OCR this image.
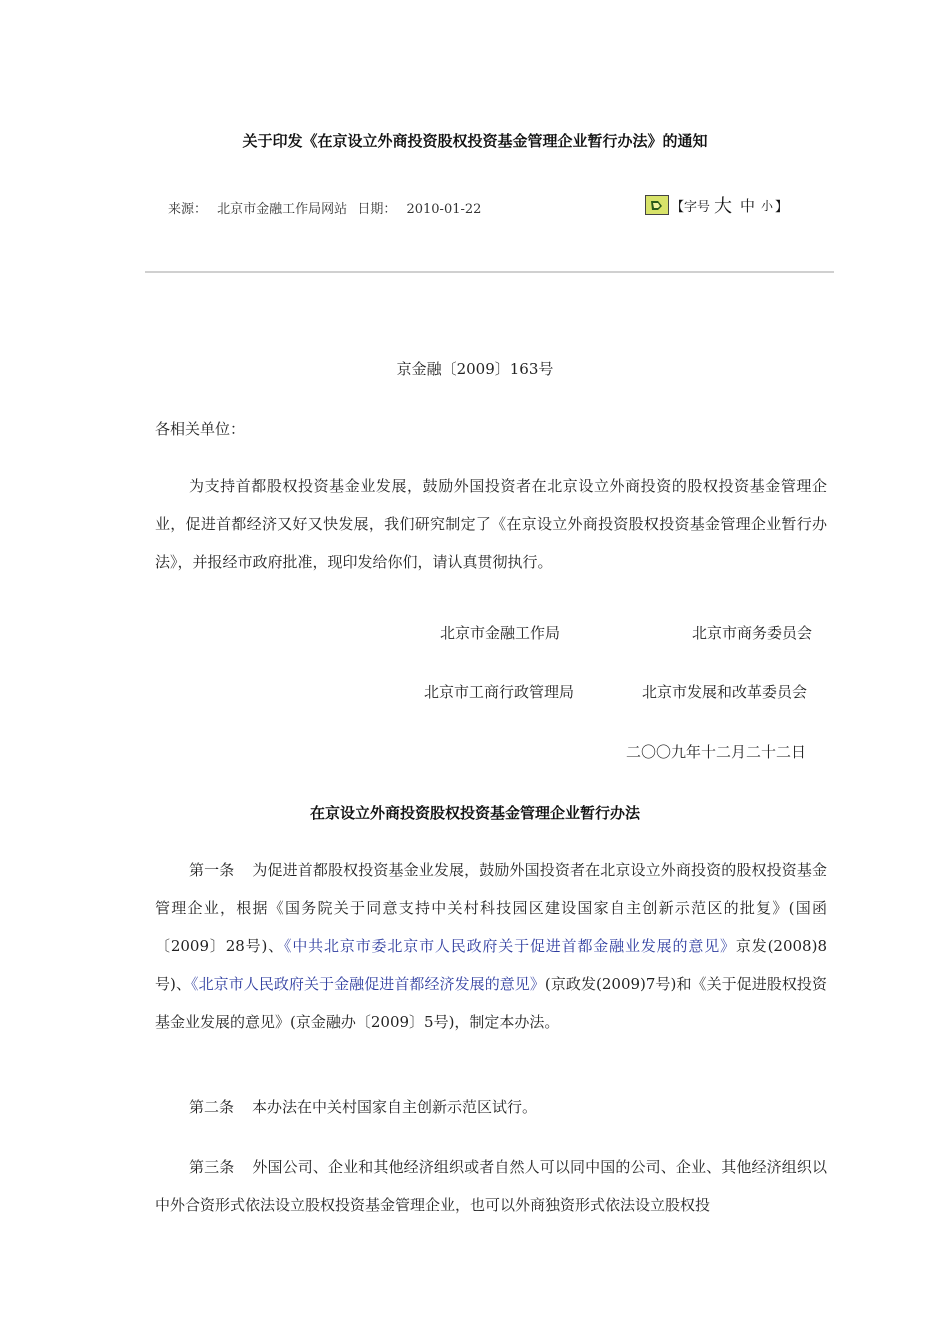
关于印发《在京设立外商投资股权投资基金管理企业暂行办法》的通知
来源： 北京市金融工作局网站 日期： 2010-01-22	【字号 大 中 小 】
京金融〔2009〕163号
各相关单位：

为支持首都股权投资基金业发展，鼓励外国投资者在北京设立外商投资的股权投资基金管理企业，促进首都经济又好又快发展，我们研究制定了《在京设立外商投资股权投资基金管理企业暂行办法》，并报经市政府批准，现印发给你们，请认真贯彻执行。

北京市金融工作局	北京市商务委员会
北京市工商行政管理局	北京市发展和改革委员会
二〇〇九年十二月二十二日
在京设立外商投资股权投资基金管理企业暂行办法

第一条 为促进首都股权投资基金业发展，鼓励外国投资者在北京设立外商投资的股权投资基金管理企业，根据《国务院关于同意支持中关村科技园区建设国家自主创新示范区的批复》(国函〔2009〕28号)、《中共北京市委北京市人民政府关于促进首都金融业发展的意见》京发(2008)8号)、《北京市人民政府关于金融促进首都经济发展的意见》(京政发(2009)7号)和《关于促进股权投资基金业发展的意见》(京金融办〔2009〕5号)，制定本办法。

第二条 本办法在中关村国家自主创新示范区试行。

第三条 外国公司、企业和其他经济组织或者自然人可以同中国的公司、企业、其他经济组织以中外合资形式依法设立股权投资基金管理企业，也可以外商独资形式依法设立股权投
